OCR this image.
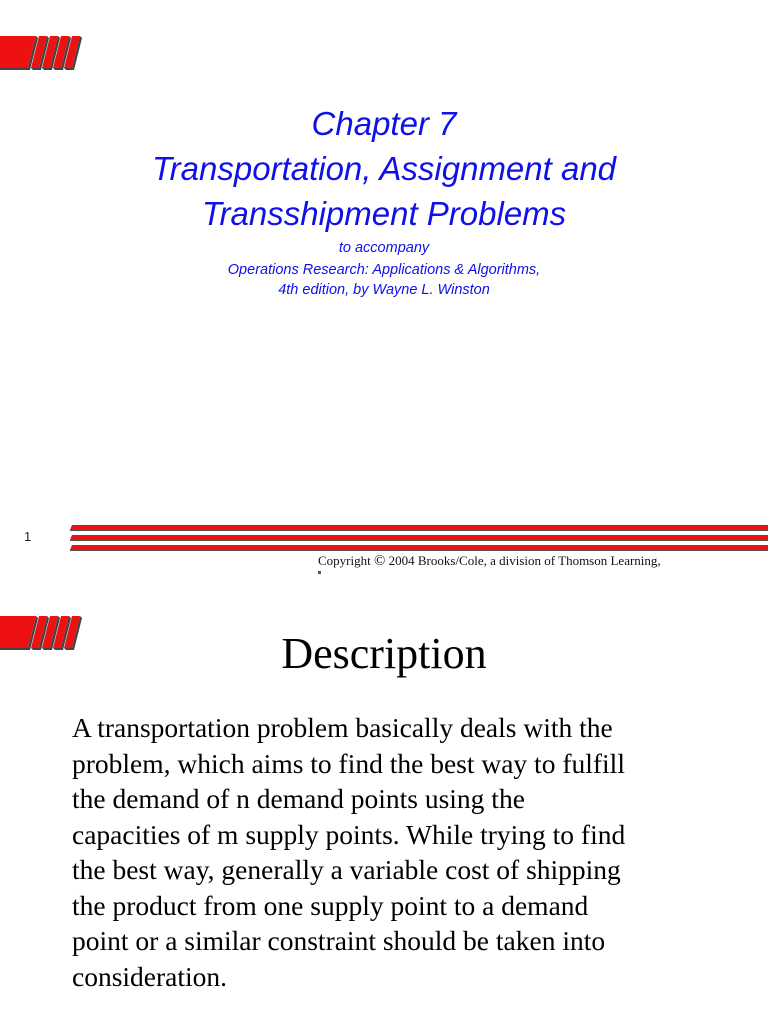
Chapter 7
Transportation, Assignment and
Transshipment Problems
to accompany
Operations Research: Applications & Algorithms,
4th edition, by Wayne L. Winston
1
Copyright © 2004 Brooks/Cole, a division of Thomson Learning,
Description
A transportation problem basically deals with the
problem, which aims to find the best way to fulfill
the demand of n demand points using the
capacities of m supply points. While trying to find
the best way, generally a variable cost of shipping
the product from one supply point to a demand
point or a similar constraint should be taken into
consideration.
